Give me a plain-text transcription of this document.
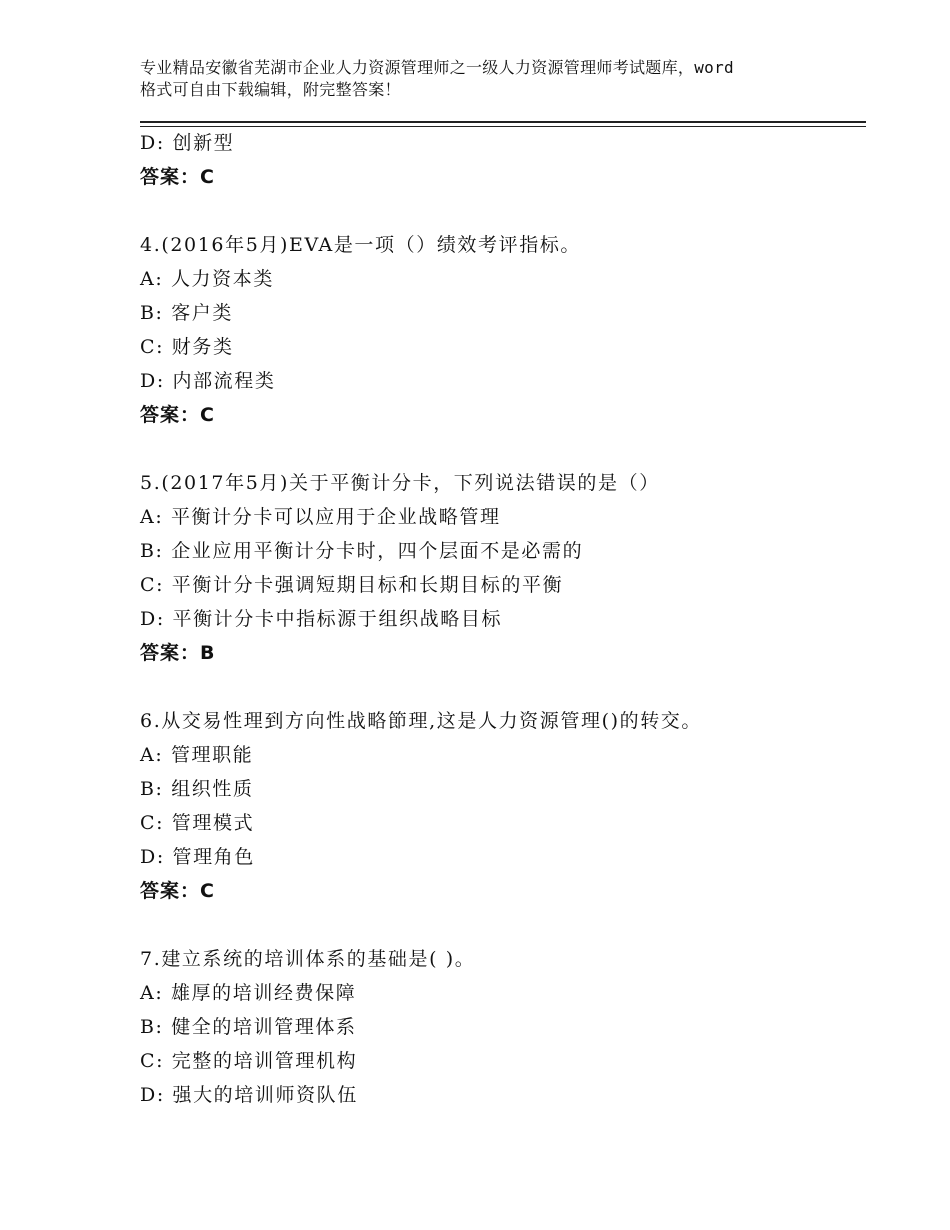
专业精品安徽省芜湖市企业人力资源管理师之一级人力资源管理师考试题库，word
格式可自由下载编辑，附完整答案！
D: 创新型
答案：C
4.(2016年5月)EVA是一项（）绩效考评指标。
A: 人力资本类
B: 客户类
C: 财务类
D: 内部流程类
答案：C
5.(2017年5月)关于平衡计分卡，下列说法错误的是（）
A: 平衡计分卡可以应用于企业战略管理
B: 企业应用平衡计分卡时，四个层面不是必需的
C: 平衡计分卡强调短期目标和长期目标的平衡
D: 平衡计分卡中指标源于组织战略目标
答案：B
6.从交易性理到方向性战略節理,这是人力资源管理()的转交。
A: 管理职能
B: 组织性质
C: 管理模式
D: 管理角色
答案：C
7.建立系统的培训体系的基础是( )。
A: 雄厚的培训经费保障
B: 健全的培训管理体系
C: 完整的培训管理机构
D: 强大的培训师资队伍
